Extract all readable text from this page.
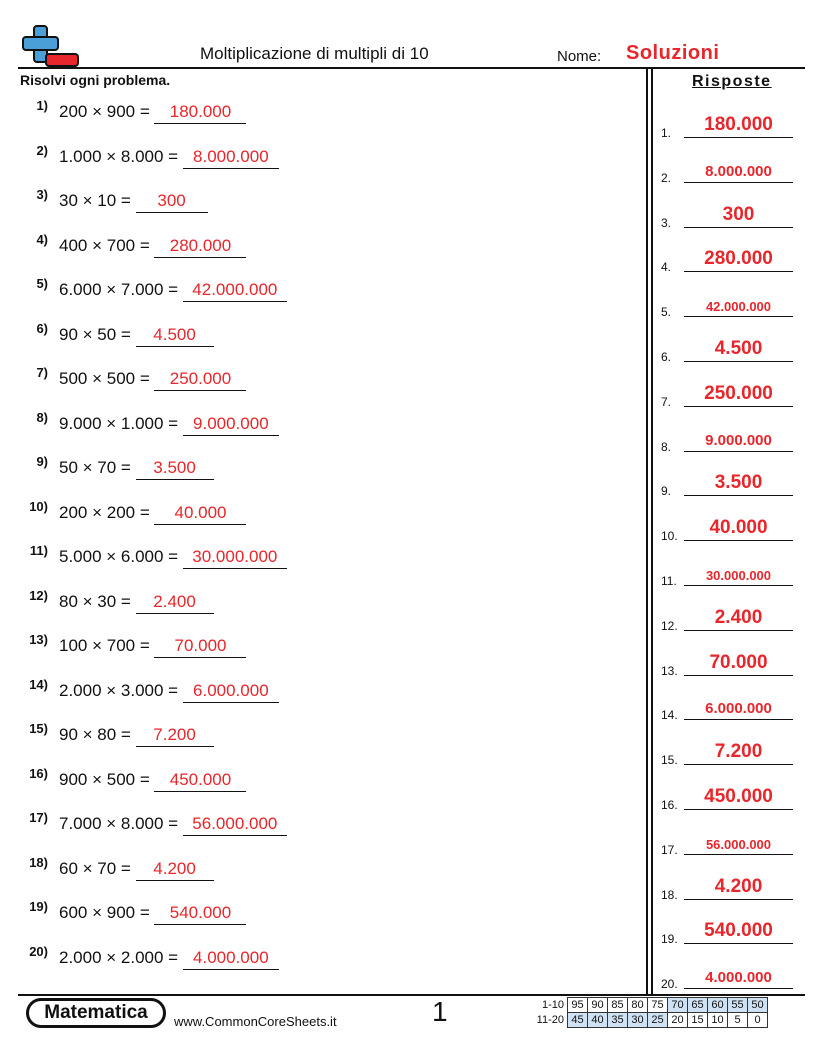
Moltiplicazione di multipli di 10	Nome: Soluzioni
Risolvi ogni problema.	Risposte
1) 200 × 900 = 180.000
2) 1.000 × 8.000 = 8.000.000
3) 30 × 10 = 300
4) 400 × 700 = 280.000
5) 6.000 × 7.000 = 42.000.000
6) 90 × 50 = 4.500
7) 500 × 500 = 250.000
8) 9.000 × 1.000 = 9.000.000
9) 50 × 70 = 3.500
10) 200 × 200 = 40.000
11) 5.000 × 6.000 = 30.000.000
12) 80 × 30 = 2.400
13) 100 × 700 = 70.000
14) 2.000 × 3.000 = 6.000.000
15) 90 × 80 = 7.200
16) 900 × 500 = 450.000
17) 7.000 × 8.000 = 56.000.000
18) 60 × 70 = 4.200
19) 600 × 900 = 540.000
20) 2.000 × 2.000 = 4.000.000
1.	180.000
2.	8.000.000
3.	300
4.	280.000
5.	42.000.000
6.	4.500
7.	250.000
8.	9.000.000
9.	3.500
10.	40.000
11.	30.000.000
12.	2.400
13.	70.000
14.	6.000.000
15.	7.200
16.	450.000
17.	56.000.000
18.	4.200
19.	540.000
20.	4.000.000
Matematica	www.CommonCoreSheets.it	1	1-10	95	90	85	80	75	70	65	60	55	50
11-20	45	40	35	30	25	20	15	10	5	0
